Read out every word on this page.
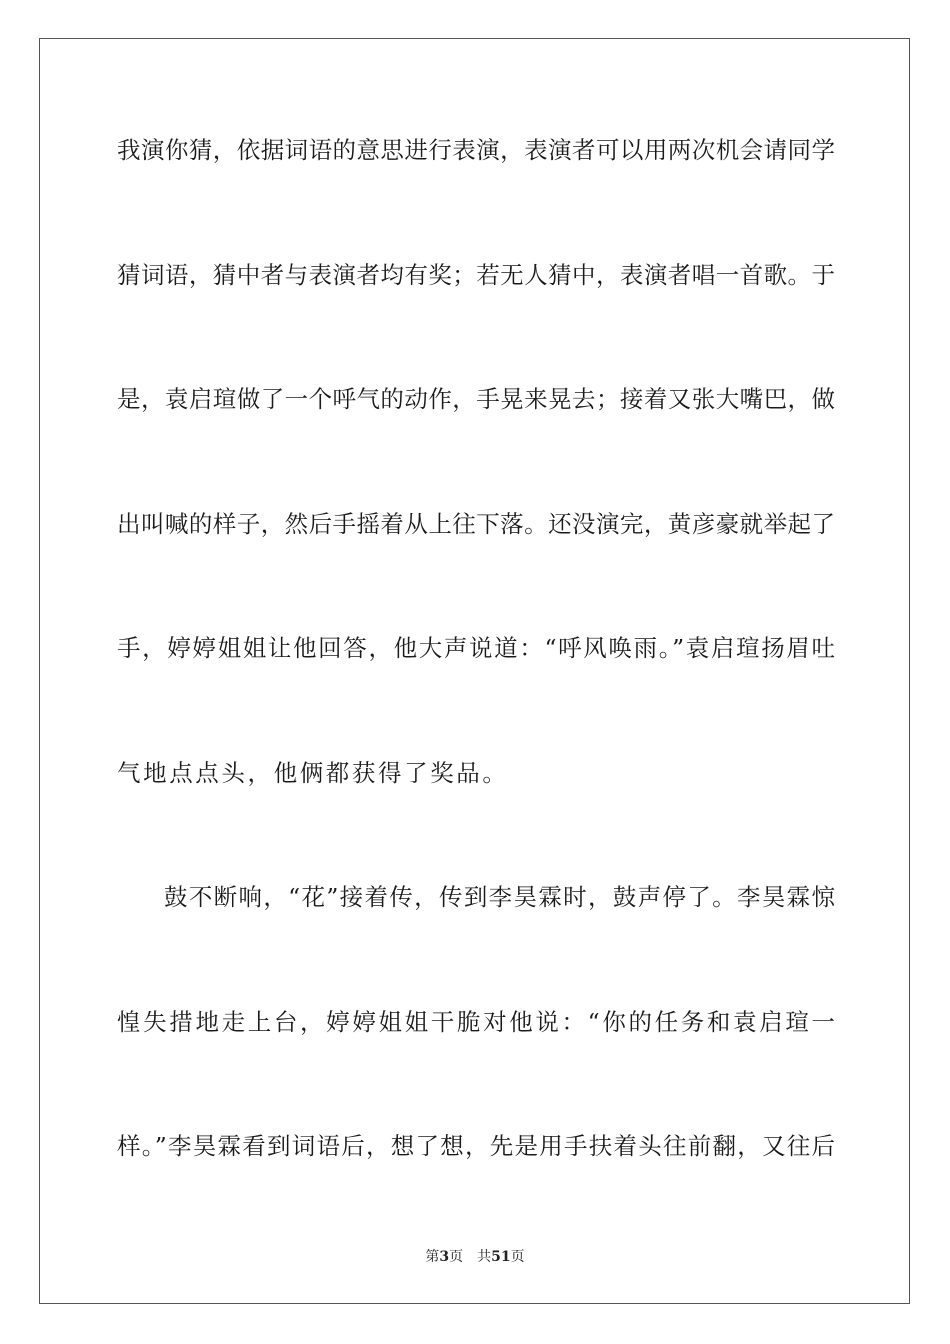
我演你猜，依据词语的意思进行表演，表演者可以用两次机会请同学
猜词语，猜中者与表演者均有奖；若无人猜中，表演者唱一首歌。于
是，袁启瑄做了一个呼气的动作，手晃来晃去；接着又张大嘴巴，做
出叫喊的样子，然后手摇着从上往下落。还没演完，黄彦豪就举起了
手，婷婷姐姐让他回答，他大声说道：“呼风唤雨。”袁启瑄扬眉吐
气地点点头，他俩都获得了奖品。
鼓不断响，“花”接着传，传到李昊霖时，鼓声停了。李昊霖惊
惶失措地走上台，婷婷姐姐干脆对他说：“你的任务和袁启瑄一
样。”李昊霖看到词语后，想了想，先是用手扶着头往前翻，又往后
第3页 共51页
